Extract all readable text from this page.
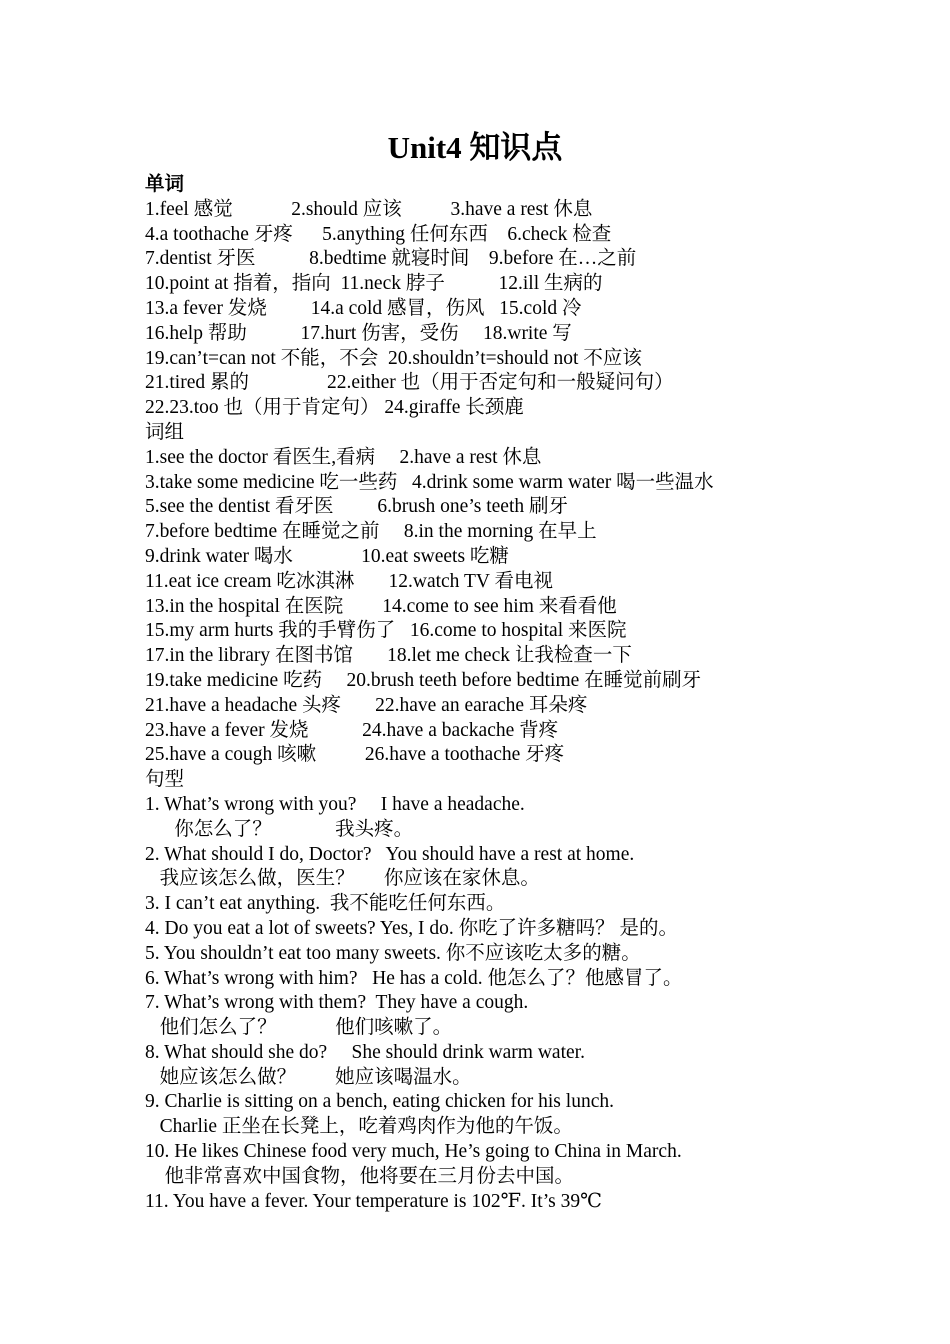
Unit4 知识点
单词
1.feel 感觉            2.should 应该          3.have a rest 休息
4.a toothache 牙疼      5.anything 任何东西    6.check 检查
7.dentist 牙医           8.bedtime 就寝时间    9.before 在…之前
10.point at 指着，指向  11.neck 脖子           12.ill 生病的
13.a fever 发烧         14.a cold 感冒，伤风   15.cold 冷
16.help 帮助           17.hurt 伤害，受伤     18.write 写
19.can’t=can not 不能，不会  20.shouldn’t=should not 不应该
21.tired 累的                22.either 也（用于否定句和一般疑问句）
22.23.too 也（用于肯定句） 24.giraffe 长颈鹿
词组
1.see the doctor 看医生,看病     2.have a rest 休息
3.take some medicine 吃一些药   4.drink some warm water 喝一些温水
5.see the dentist 看牙医         6.brush one’s teeth 刷牙
7.before bedtime 在睡觉之前     8.in the morning 在早上
9.drink water 喝水              10.eat sweets 吃糖
11.eat ice cream 吃冰淇淋       12.watch TV 看电视
13.in the hospital 在医院        14.come to see him 来看看他
15.my arm hurts 我的手臂伤了   16.come to hospital 来医院
17.in the library 在图书馆       18.let me check 让我检查一下
19.take medicine 吃药     20.brush teeth before bedtime 在睡觉前刷牙
21.have a headache 头疼       22.have an earache 耳朵疼
23.have a fever 发烧           24.have a backache 背疼
25.have a cough 咳嗽          26.have a toothache 牙疼
句型
1. What’s wrong with you?     I have a headache.
你怎么了？             我头疼。
2. What should I do, Doctor?   You should have a rest at home.
我应该怎么做，医生？      你应该在家休息。
3. I can’t eat anything.  我不能吃任何东西。
4. Do you eat a lot of sweets? Yes, I do. 你吃了许多糖吗？ 是的。
5. You shouldn’t eat too many sweets. 你不应该吃太多的糖。
6. What’s wrong with him?   He has a cold. 他怎么了？他感冒了。
7. What’s wrong with them?  They have a cough.
他们怎么了？            他们咳嗽了。
8. What should she do?     She should drink warm water.
她应该怎么做？        她应该喝温水。
9. Charlie is sitting on a bench, eating chicken for his lunch.
Charlie 正坐在长凳上，吃着鸡肉作为他的午饭。
10. He likes Chinese food very much, He’s going to China in March.
他非常喜欢中国食物，他将要在三月份去中国。
11. You have a fever. Your temperature is 102℉. It’s 39℃
